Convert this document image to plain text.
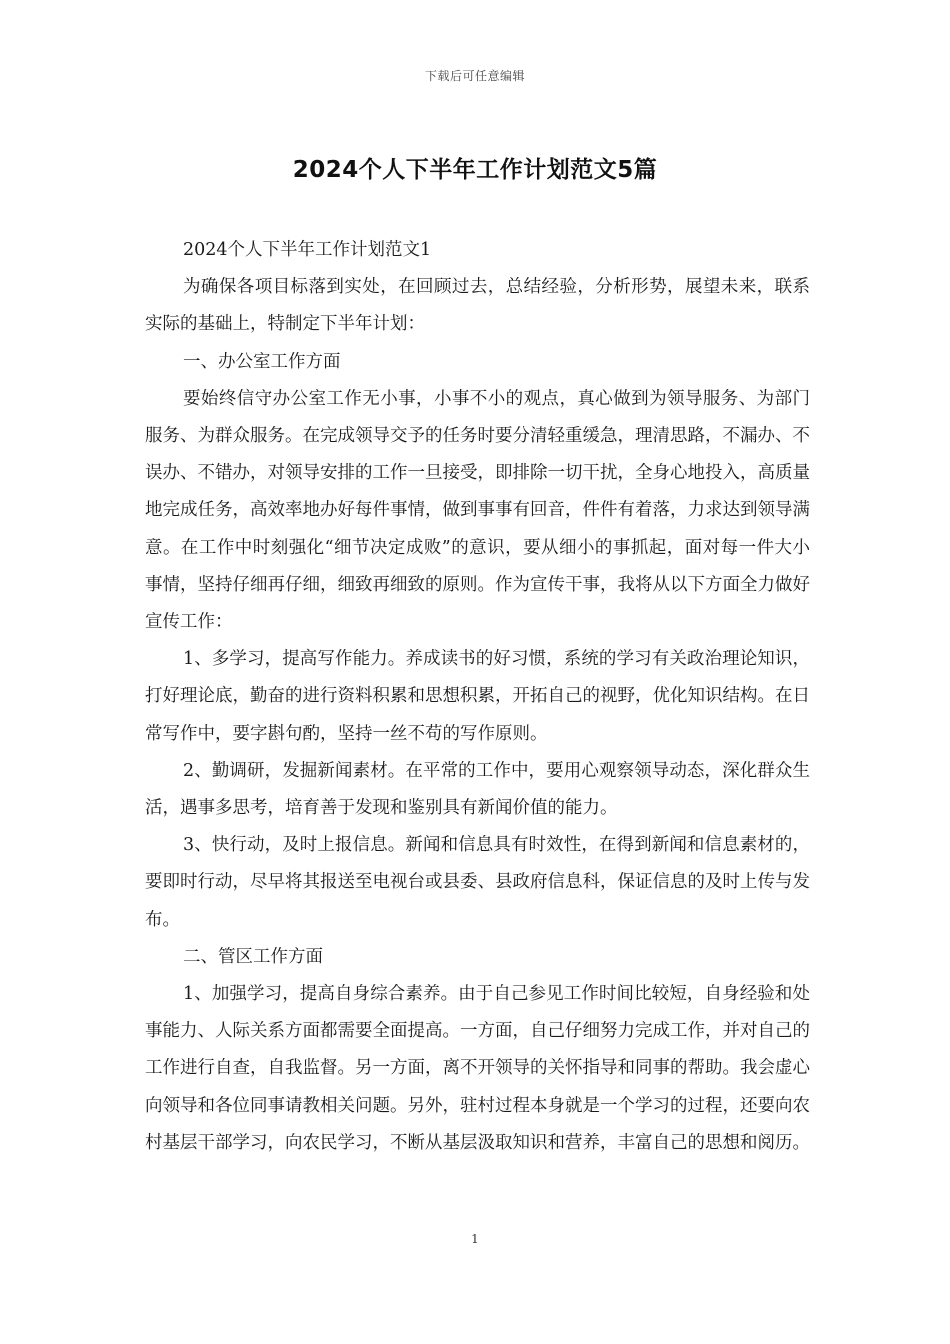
下载后可任意编辑
2024个人下半年工作计划范文5篇

2024个人下半年工作计划范文1

为确保各项目标落到实处，在回顾过去，总结经验，分析形势，展望未来，联系实际的基础上，特制定下半年计划：

一、办公室工作方面

要始终信守办公室工作无小事，小事不小的观点，真心做到为领导服务、为部门服务、为群众服务。在完成领导交予的任务时要分清轻重缓急，理清思路，不漏办、不误办、不错办，对领导安排的工作一旦接受，即排除一切干扰，全身心地投入，高质量地完成任务，高效率地办好每件事情，做到事事有回音，件件有着落，力求达到领导满意。在工作中时刻强化“细节决定成败”的意识，要从细小的事抓起，面对每一件大小事情，坚持仔细再仔细，细致再细致的原则。作为宣传干事，我将从以下方面全力做好宣传工作：

1、多学习，提高写作能力。养成读书的好习惯，系统的学习有关政治理论知识，打好理论底，勤奋的进行资料积累和思想积累，开拓自己的视野，优化知识结构。在日常写作中，要字斟句酌，坚持一丝不苟的写作原则。

2、勤调研，发掘新闻素材。在平常的工作中，要用心观察领导动态，深化群众生活，遇事多思考，培育善于发现和鉴别具有新闻价值的能力。

3、快行动，及时上报信息。新闻和信息具有时效性，在得到新闻和信息素材的，要即时行动，尽早将其报送至电视台或县委、县政府信息科，保证信息的及时上传与发布。

二、管区工作方面

1、加强学习，提高自身综合素养。由于自己参见工作时间比较短，自身经验和处事能力、人际关系方面都需要全面提高。一方面，自己仔细努力完成工作，并对自己的工作进行自查，自我监督。另一方面，离不开领导的关怀指导和同事的帮助。我会虚心向领导和各位同事请教相关问题。另外，驻村过程本身就是一个学习的过程，还要向农村基层干部学习，向农民学习，不断从基层汲取知识和营养，丰富自己的思想和阅历。

1
